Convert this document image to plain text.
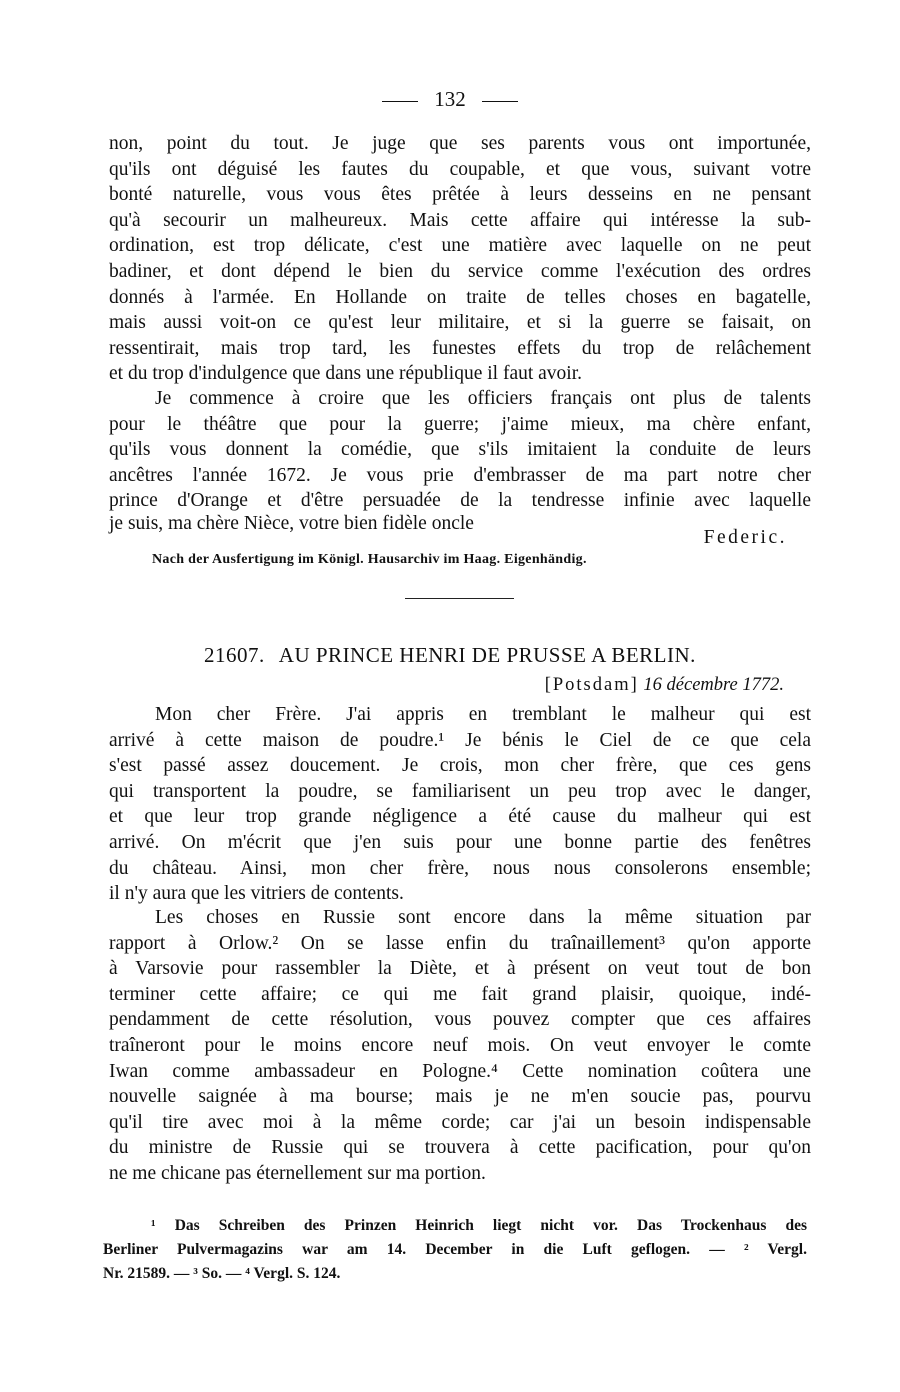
132
non, point du tout. Je juge que ses parents vous ont importunée,
qu'ils ont déguisé les fautes du coupable, et que vous, suivant votre
bonté naturelle, vous vous êtes prêtée à leurs desseins en ne pensant
qu'à secourir un malheureux. Mais cette affaire qui intéresse la sub-
ordination, est trop délicate, c'est une matière avec laquelle on ne peut
badiner, et dont dépend le bien du service comme l'exécution des ordres
donnés à l'armée. En Hollande on traite de telles choses en bagatelle,
mais aussi voit-on ce qu'est leur militaire, et si la guerre se faisait, on
ressentirait, mais trop tard, les funestes effets du trop de relâchement
et du trop d'indulgence que dans une république il faut avoir.
Je commence à croire que les officiers français ont plus de talents
pour le théâtre que pour la guerre; j'aime mieux, ma chère enfant,
qu'ils vous donnent la comédie, que s'ils imitaient la conduite de leurs
ancêtres l'année 1672. Je vous prie d'embrasser de ma part notre cher
prince d'Orange et d'être persuadée de la tendresse infinie avec laquelle
je suis, ma chère Nièce, votre bien fidèle oncle
Federic.
Nach der Ausfertigung im Königl. Hausarchiv im Haag. Eigenhändig.
21607. AU PRINCE HENRI DE PRUSSE A BERLIN.
[Potsdam] 16 décembre 1772.
Mon cher Frère. J'ai appris en tremblant le malheur qui est
arrivé à cette maison de poudre.¹ Je bénis le Ciel de ce que cela
s'est passé assez doucement. Je crois, mon cher frère, que ces gens
qui transportent la poudre, se familiarisent un peu trop avec le danger,
et que leur trop grande négligence a été cause du malheur qui est
arrivé. On m'écrit que j'en suis pour une bonne partie des fenêtres
du château. Ainsi, mon cher frère, nous nous consolerons ensemble;
il n'y aura que les vitriers de contents.
Les choses en Russie sont encore dans la même situation par
rapport à Orlow.² On se lasse enfin du traînaillement³ qu'on apporte
à Varsovie pour rassembler la Diète, et à présent on veut tout de bon
terminer cette affaire; ce qui me fait grand plaisir, quoique, indé-
pendamment de cette résolution, vous pouvez compter que ces affaires
traîneront pour le moins encore neuf mois. On veut envoyer le comte
Iwan comme ambassadeur en Pologne.⁴ Cette nomination coûtera une
nouvelle saignée à ma bourse; mais je ne m'en soucie pas, pourvu
qu'il tire avec moi à la même corde; car j'ai un besoin indispensable
du ministre de Russie qui se trouvera à cette pacification, pour qu'on
ne me chicane pas éternellement sur ma portion.
¹ Das Schreiben des Prinzen Heinrich liegt nicht vor. Das Trockenhaus des
Berliner Pulvermagazins war am 14. December in die Luft geflogen. — ² Vergl.
Nr. 21589. — ³ So. — ⁴ Vergl. S. 124.
